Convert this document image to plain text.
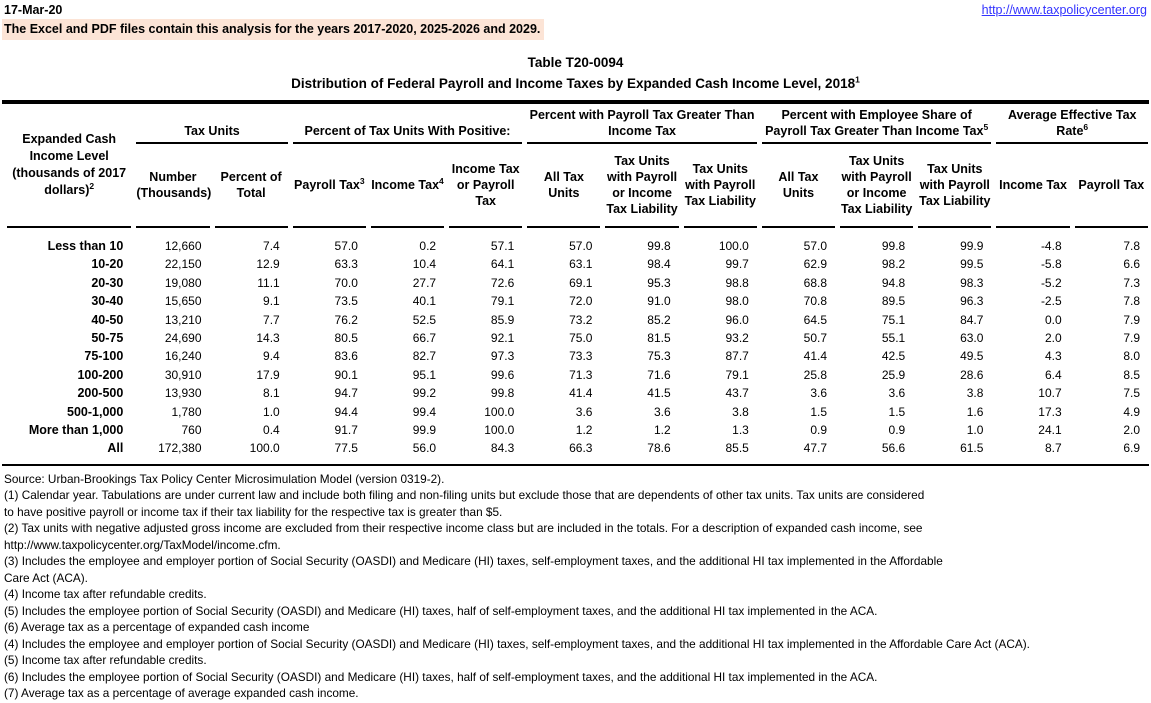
17-Mar-20	http://www.taxpolicycenter.org
The Excel and PDF files contain this analysis for the years 2017-2020, 2025-2026 and 2029.
Table T20-0094
Distribution of Federal Payroll and Income Taxes by Expanded Cash Income Level, 2018$^1$
Expanded Cash Income Level (thousands of 2017 dollars)$^2$	Tax Units		Percent of Tax Units With Positive:			Percent with Payroll Tax Greater Than Income Tax			Percent with Employee Share of Payroll Tax Greater Than Income Tax$^5$			Average Effective Tax Rate$^6$
	Number (Thousands)	Percent of Total	Payroll Tax$^3$	Income Tax$^4$	Income Tax or Payroll Tax	All Tax Units	Tax Units with Payroll or Income Tax Liability	Tax Units with Payroll Tax Liability	All Tax Units	Tax Units with Payroll or Income Tax Liability	Tax Units with Payroll Tax Liability	Income Tax	Payroll Tax
Less than 10	12,660	7.4	57.0	0.2	57.1	57.0	99.8	100.0	57.0	99.8	99.9	-4.8	7.8
10-20	22,150	12.9	63.3	10.4	64.1	63.1	98.4	99.7	62.9	98.2	99.5	-5.8	6.6
20-30	19,080	11.1	70.0	27.7	72.6	69.1	95.3	98.8	68.8	94.8	98.3	-5.2	7.3
30-40	15,650	9.1	73.5	40.1	79.1	72.0	91.0	98.0	70.8	89.5	96.3	-2.5	7.8
40-50	13,210	7.7	76.2	52.5	85.9	73.2	85.2	96.0	64.5	75.1	84.7	0.0	7.9
50-75	24,690	14.3	80.5	66.7	92.1	75.0	81.5	93.2	50.7	55.1	63.0	2.0	7.9
75-100	16,240	9.4	83.6	82.7	97.3	73.3	75.3	87.7	41.4	42.5	49.5	4.3	8.0
100-200	30,910	17.9	90.1	95.1	99.6	71.3	71.6	79.1	25.8	25.9	28.6	6.4	8.5
200-500	13,930	8.1	94.7	99.2	99.8	41.4	41.5	43.7	3.6	3.6	3.8	10.7	7.5
500-1,000	1,780	1.0	94.4	99.4	100.0	3.6	3.6	3.8	1.5	1.5	1.6	17.3	4.9
More than 1,000	760	0.4	91.7	99.9	100.0	1.2	1.2	1.3	0.9	0.9	1.0	24.1	2.0
All	172,380	100.0	77.5	56.0	84.3	66.3	78.6	85.5	47.7	56.6	61.5	8.7	6.9
Source: Urban-Brookings Tax Policy Center Microsimulation Model (version 0319-2).
(1) Calendar year. Tabulations are under current law and include both filing and non-filing units but exclude those that are dependents of other tax units. Tax units are considered
to have positive payroll or income tax if their tax liability for the respective tax is greater than $5.
(2) Tax units with negative adjusted gross income are excluded from their respective income class but are included in the totals. For a description of expanded cash income, see
http://www.taxpolicycenter.org/TaxModel/income.cfm.
(3) Includes the employee and employer portion of Social Security (OASDI) and Medicare (HI) taxes, self-employment taxes, and the additional HI tax implemented in the Affordable
Care Act (ACA).
(4) Income tax after refundable credits.
(5) Includes the employee portion of Social Security (OASDI) and Medicare (HI) taxes, half of self-employment taxes, and the additional HI tax implemented in the ACA.
(6) Average tax as a percentage of expanded cash income
(4) Includes the employee and employer portion of Social Security (OASDI) and Medicare (HI) taxes, self-employment taxes, and the additional HI tax implemented in the Affordable Care Act (ACA).
(5) Income tax after refundable credits.
(6) Includes the employee portion of Social Security (OASDI) and Medicare (HI) taxes, half of self-employment taxes, and the additional HI tax implemented in the ACA.
(7) Average tax as a percentage of average expanded cash income.
